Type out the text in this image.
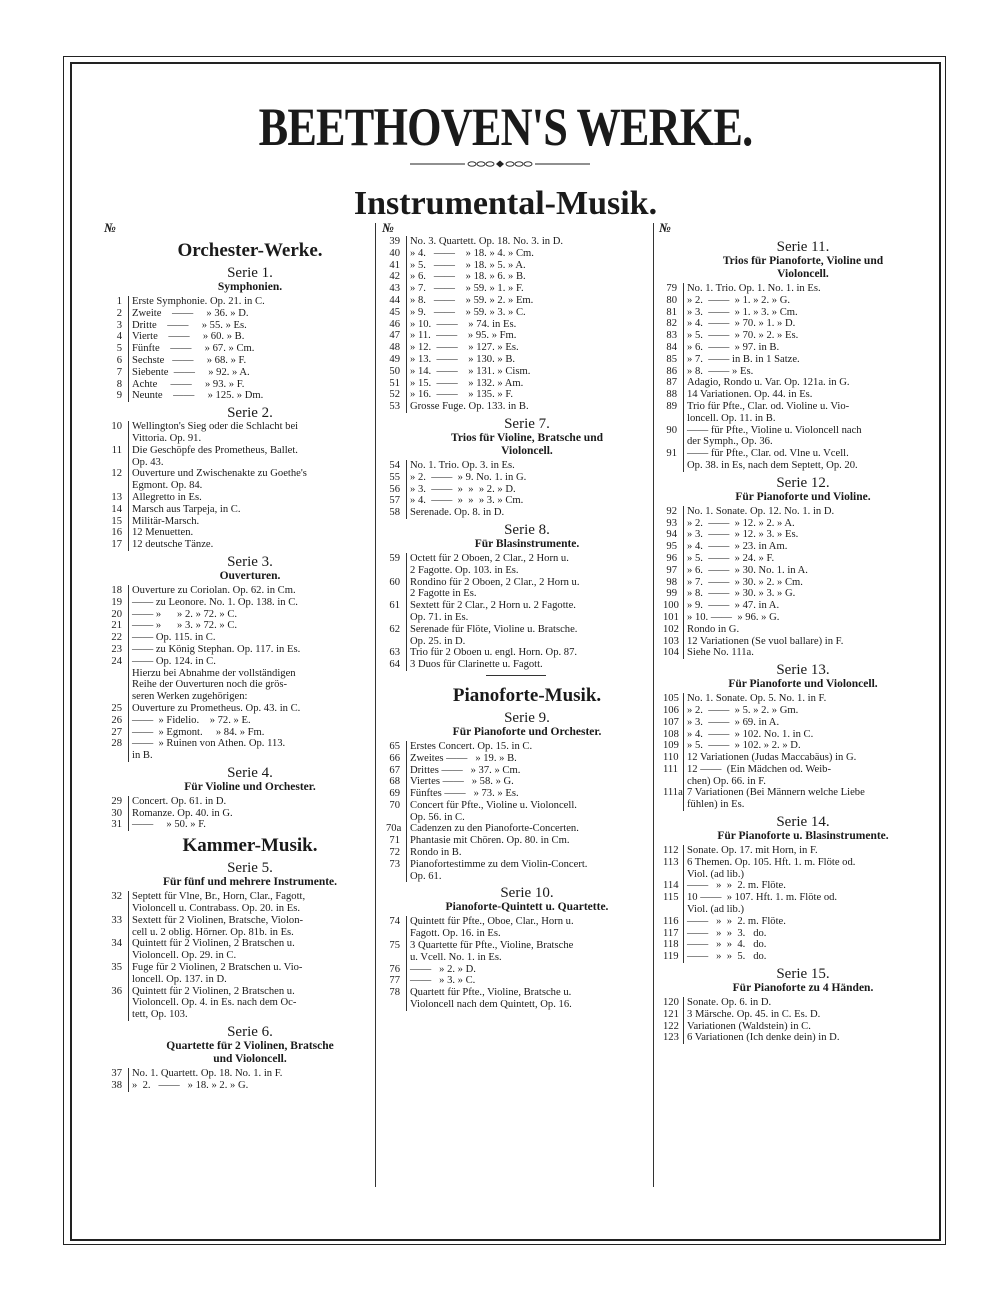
BEETHOVEN'S WERKE.
Instrumental-Musik.
№
Orchester-Werke.
Serie 1.
Symphonien.
1 Erste Symphonie. Op. 21. in C.
2 Zweite    ——     » 36. » D.
3 Dritte    ——     » 55. » Es.
4 Vierte    ——     » 60. » B.
5 Fünfte    ——     » 67. » Cm.
6 Sechste   ——     » 68. » F.
7 Siebente  ——     » 92. » A.
8 Achte     ——     » 93. » F.
9 Neunte    ——     » 125. » Dm.
Serie 2.
10 Wellington's Sieg oder die Schlacht bei
Vittoria. Op. 91.
11 Die Geschöpfe des Prometheus, Ballet.
Op. 43.
12 Ouverture und Zwischenakte zu Goethe's
Egmont. Op. 84.
13 Allegretto in Es.
14 Marsch aus Tarpeja, in C.
15 Militär-Marsch.
16 12 Menuetten.
17 12 deutsche Tänze.
Serie 3.
Ouverturen.
18 Ouverture zu Coriolan. Op. 62. in Cm.
19 —— zu Leonore. No. 1. Op. 138. in C.
20 —— »      » 2. » 72. » C.
21 —— »      » 3. » 72. » C.
22 —— Op. 115. in C.
23 —— zu König Stephan. Op. 117. in Es.
24 —— Op. 124. in C.
Hierzu bei Abnahme der vollständigen
Reihe der Ouverturen noch die grös-
seren Werken zugehörigen:
25 Ouverture zu Prometheus. Op. 43. in C.
26 ——  » Fidelio.    » 72. » E.
27 ——  » Egmont.     » 84. » Fm.
28 ——  » Ruinen von Athen. Op. 113.
in B.
Serie 4.
Für Violine und Orchester.
29 Concert. Op. 61. in D.
30 Romanze. Op. 40. in G.
31 ——     » 50. » F.
Kammer-Musik.
Serie 5.
Für fünf und mehrere Instrumente.
32 Septett für Vlne, Br., Horn, Clar., Fagott,
Violoncell u. Contrabass. Op. 20. in Es.
33 Sextett für 2 Violinen, Bratsche, Violon-
cell u. 2 oblig. Hörner. Op. 81b. in Es.
34 Quintett für 2 Violinen, 2 Bratschen u.
Violoncell. Op. 29. in C.
35 Fuge für 2 Violinen, 2 Bratschen u. Vio-
loncell. Op. 137. in D.
36 Quintett für 2 Violinen, 2 Bratschen u.
Violoncell. Op. 4. in Es. nach dem Oc-
tett, Op. 103.
Serie 6.
Quartette für 2 Violinen, Bratsche
und Violoncell.
37 No. 1. Quartett. Op. 18. No. 1. in F.
38 »  2.   ——   » 18. » 2. » G.
№
39 No. 3. Quartett. Op. 18. No. 3. in D.
40 » 4.   ——    » 18. » 4. » Cm.
41 » 5.   ——    » 18. » 5. » A.
42 » 6.   ——    » 18. » 6. » B.
43 » 7.   ——    » 59. » 1. » F.
44 » 8.   ——    » 59. » 2. » Em.
45 » 9.   ——    » 59. » 3. » C.
46 » 10.  ——    » 74. in Es.
47 » 11.  ——    » 95. » Fm.
48 » 12.  ——    » 127. » Es.
49 » 13.  ——    » 130. » B.
50 » 14.  ——    » 131. » Cism.
51 » 15.  ——    » 132. » Am.
52 » 16.  ——    » 135. » F.
53 Grosse Fuge. Op. 133. in B.
Serie 7.
Trios für Violine, Bratsche und
Violoncell.
54 No. 1. Trio. Op. 3. in Es.
55 » 2.  ——  » 9. No. 1. in G.
56 » 3.  ——  »  »  » 2. » D.
57 » 4.  ——  »  »  » 3. » Cm.
58 Serenade. Op. 8. in D.
Serie 8.
Für Blasinstrumente.
59 Octett für 2 Oboen, 2 Clar., 2 Horn u.
2 Fagotte. Op. 103. in Es.
60 Rondino für 2 Oboen, 2 Clar., 2 Horn u.
2 Fagotte in Es.
61 Sextett für 2 Clar., 2 Horn u. 2 Fagotte.
Op. 71. in Es.
62 Serenade für Flöte, Violine u. Bratsche.
Op. 25. in D.
63 Trio für 2 Oboen u. engl. Horn. Op. 87.
64 3 Duos für Clarinette u. Fagott.
Pianoforte-Musik.
Serie 9.
Für Pianoforte und Orchester.
65 Erstes Concert. Op. 15. in C.
66 Zweites ——   » 19. » B.
67 Drittes ——   » 37. » Cm.
68 Viertes ——   » 58. » G.
69 Fünftes ——   » 73. » Es.
70 Concert für Pfte., Violine u. Violoncell.
Op. 56. in C.
70a Cadenzen zu den Pianoforte-Concerten.
71 Phantasie mit Chören. Op. 80. in Cm.
72 Rondo in B.
73 Pianofortestimme zu dem Violin-Concert.
Op. 61.
Serie 10.
Pianoforte-Quintett u. Quartette.
74 Quintett für Pfte., Oboe, Clar., Horn u.
Fagott. Op. 16. in Es.
75 3 Quartette für Pfte., Violine, Bratsche
u. Vcell. No. 1. in Es.
76 ——   » 2. » D.
77 ——   » 3. » C.
78 Quartett für Pfte., Violine, Bratsche u.
Violoncell nach dem Quintett, Op. 16.
№
Serie 11.
Trios für Pianoforte, Violine und
Violoncell.
79 No. 1. Trio. Op. 1. No. 1. in Es.
80 » 2.  ——  » 1. » 2. » G.
81 » 3.  ——  » 1. » 3. » Cm.
82 » 4.  ——  » 70. » 1. » D.
83 » 5.  ——  » 70. » 2. » Es.
84 » 6.  ——  » 97. in B.
85 » 7.  —— in B. in 1 Satze.
86 » 8.  —— » Es.
87 Adagio, Rondo u. Var. Op. 121a. in G.
88 14 Variationen. Op. 44. in Es.
89 Trio für Pfte., Clar. od. Violine u. Vio-
loncell. Op. 11. in B.
90 —— für Pfte., Violine u. Violoncell nach
der Symph., Op. 36.
91 —— für Pfte., Clar. od. Vlne u. Vcell.
Op. 38. in Es, nach dem Septett, Op. 20.
Serie 12.
Für Pianoforte und Violine.
92 No. 1. Sonate. Op. 12. No. 1. in D.
93 » 2.  ——  » 12. » 2. » A.
94 » 3.  ——  » 12. » 3. » Es.
95 » 4.  ——  » 23. in Am.
96 » 5.  ——  » 24. » F.
97 » 6.  ——  » 30. No. 1. in A.
98 » 7.  ——  » 30. » 2. » Cm.
99 » 8.  ——  » 30. » 3. » G.
100 » 9.  ——  » 47. in A.
101 » 10. ——  » 96. » G.
102 Rondo in G.
103 12 Variationen (Se vuol ballare) in F.
104 Siehe No. 111a.
Serie 13.
Für Pianoforte und Violoncell.
105 No. 1. Sonate. Op. 5. No. 1. in F.
106 » 2.  ——  » 5. » 2. » Gm.
107 » 3.  ——  » 69. in A.
108 » 4.  ——  » 102. No. 1. in C.
109 » 5.  ——  » 102. » 2. » D.
110 12 Variationen (Judas Maccabäus) in G.
111 12 ——  (Ein Mädchen od. Weib-
chen) Op. 66. in F.
111a 7 Variationen (Bei Männern welche Liebe
fühlen) in Es.
Serie 14.
Für Pianoforte u. Blasinstrumente.
112 Sonate. Op. 17. mit Horn, in F.
113 6 Themen. Op. 105. Hft. 1. m. Flöte od.
Viol. (ad lib.)
114 ——   »  »  2. m. Flöte.
115 10 ——  » 107. Hft. 1. m. Flöte od.
Viol. (ad lib.)
116 ——   »  »  2. m. Flöte.
117 ——   »  »  3.   do.
118 ——   »  »  4.   do.
119 ——   »  »  5.   do.
Serie 15.
Für Pianoforte zu 4 Händen.
120 Sonate. Op. 6. in D.
121 3 Märsche. Op. 45. in C. Es. D.
122 Variationen (Waldstein) in C.
123 6 Variationen (Ich denke dein) in D.
